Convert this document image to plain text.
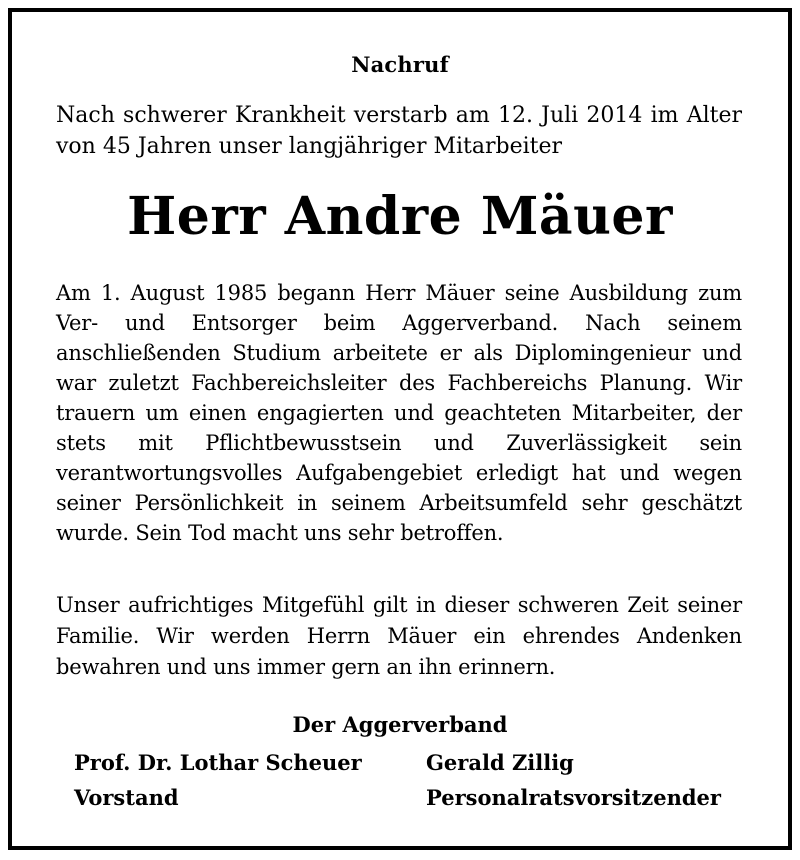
Nachruf
Nach schwerer Krankheit verstarb am 12. Juli 2014 im Alter von 45 Jahren unser langjähriger Mitarbeiter
Herr Andre Mäuer
Am 1. August 1985 begann Herr Mäuer seine Ausbildung zum Ver- und Entsorger beim Aggerverband. Nach seinem anschließenden Studium arbeitete er als Diplomingenieur und war zuletzt Fachbereichsleiter des Fachbereichs Planung. Wir trauern um einen engagierten und geachteten Mitarbeiter, der stets mit Pflichtbewusstsein und Zuverlässigkeit sein verantwortungsvolles Aufgabengebiet erledigt hat und wegen seiner Persönlichkeit in seinem Arbeitsumfeld sehr geschätzt wurde. Sein Tod macht uns sehr betroffen.
Unser aufrichtiges Mitgefühl gilt in dieser schweren Zeit seiner Familie. Wir werden Herrn Mäuer ein ehrendes Andenken bewahren und uns immer gern an ihn erinnern.
Der Aggerverband
Prof. Dr. Lothar Scheuer	Gerald Zillig
Vorstand	Personalratsvorsitzender
